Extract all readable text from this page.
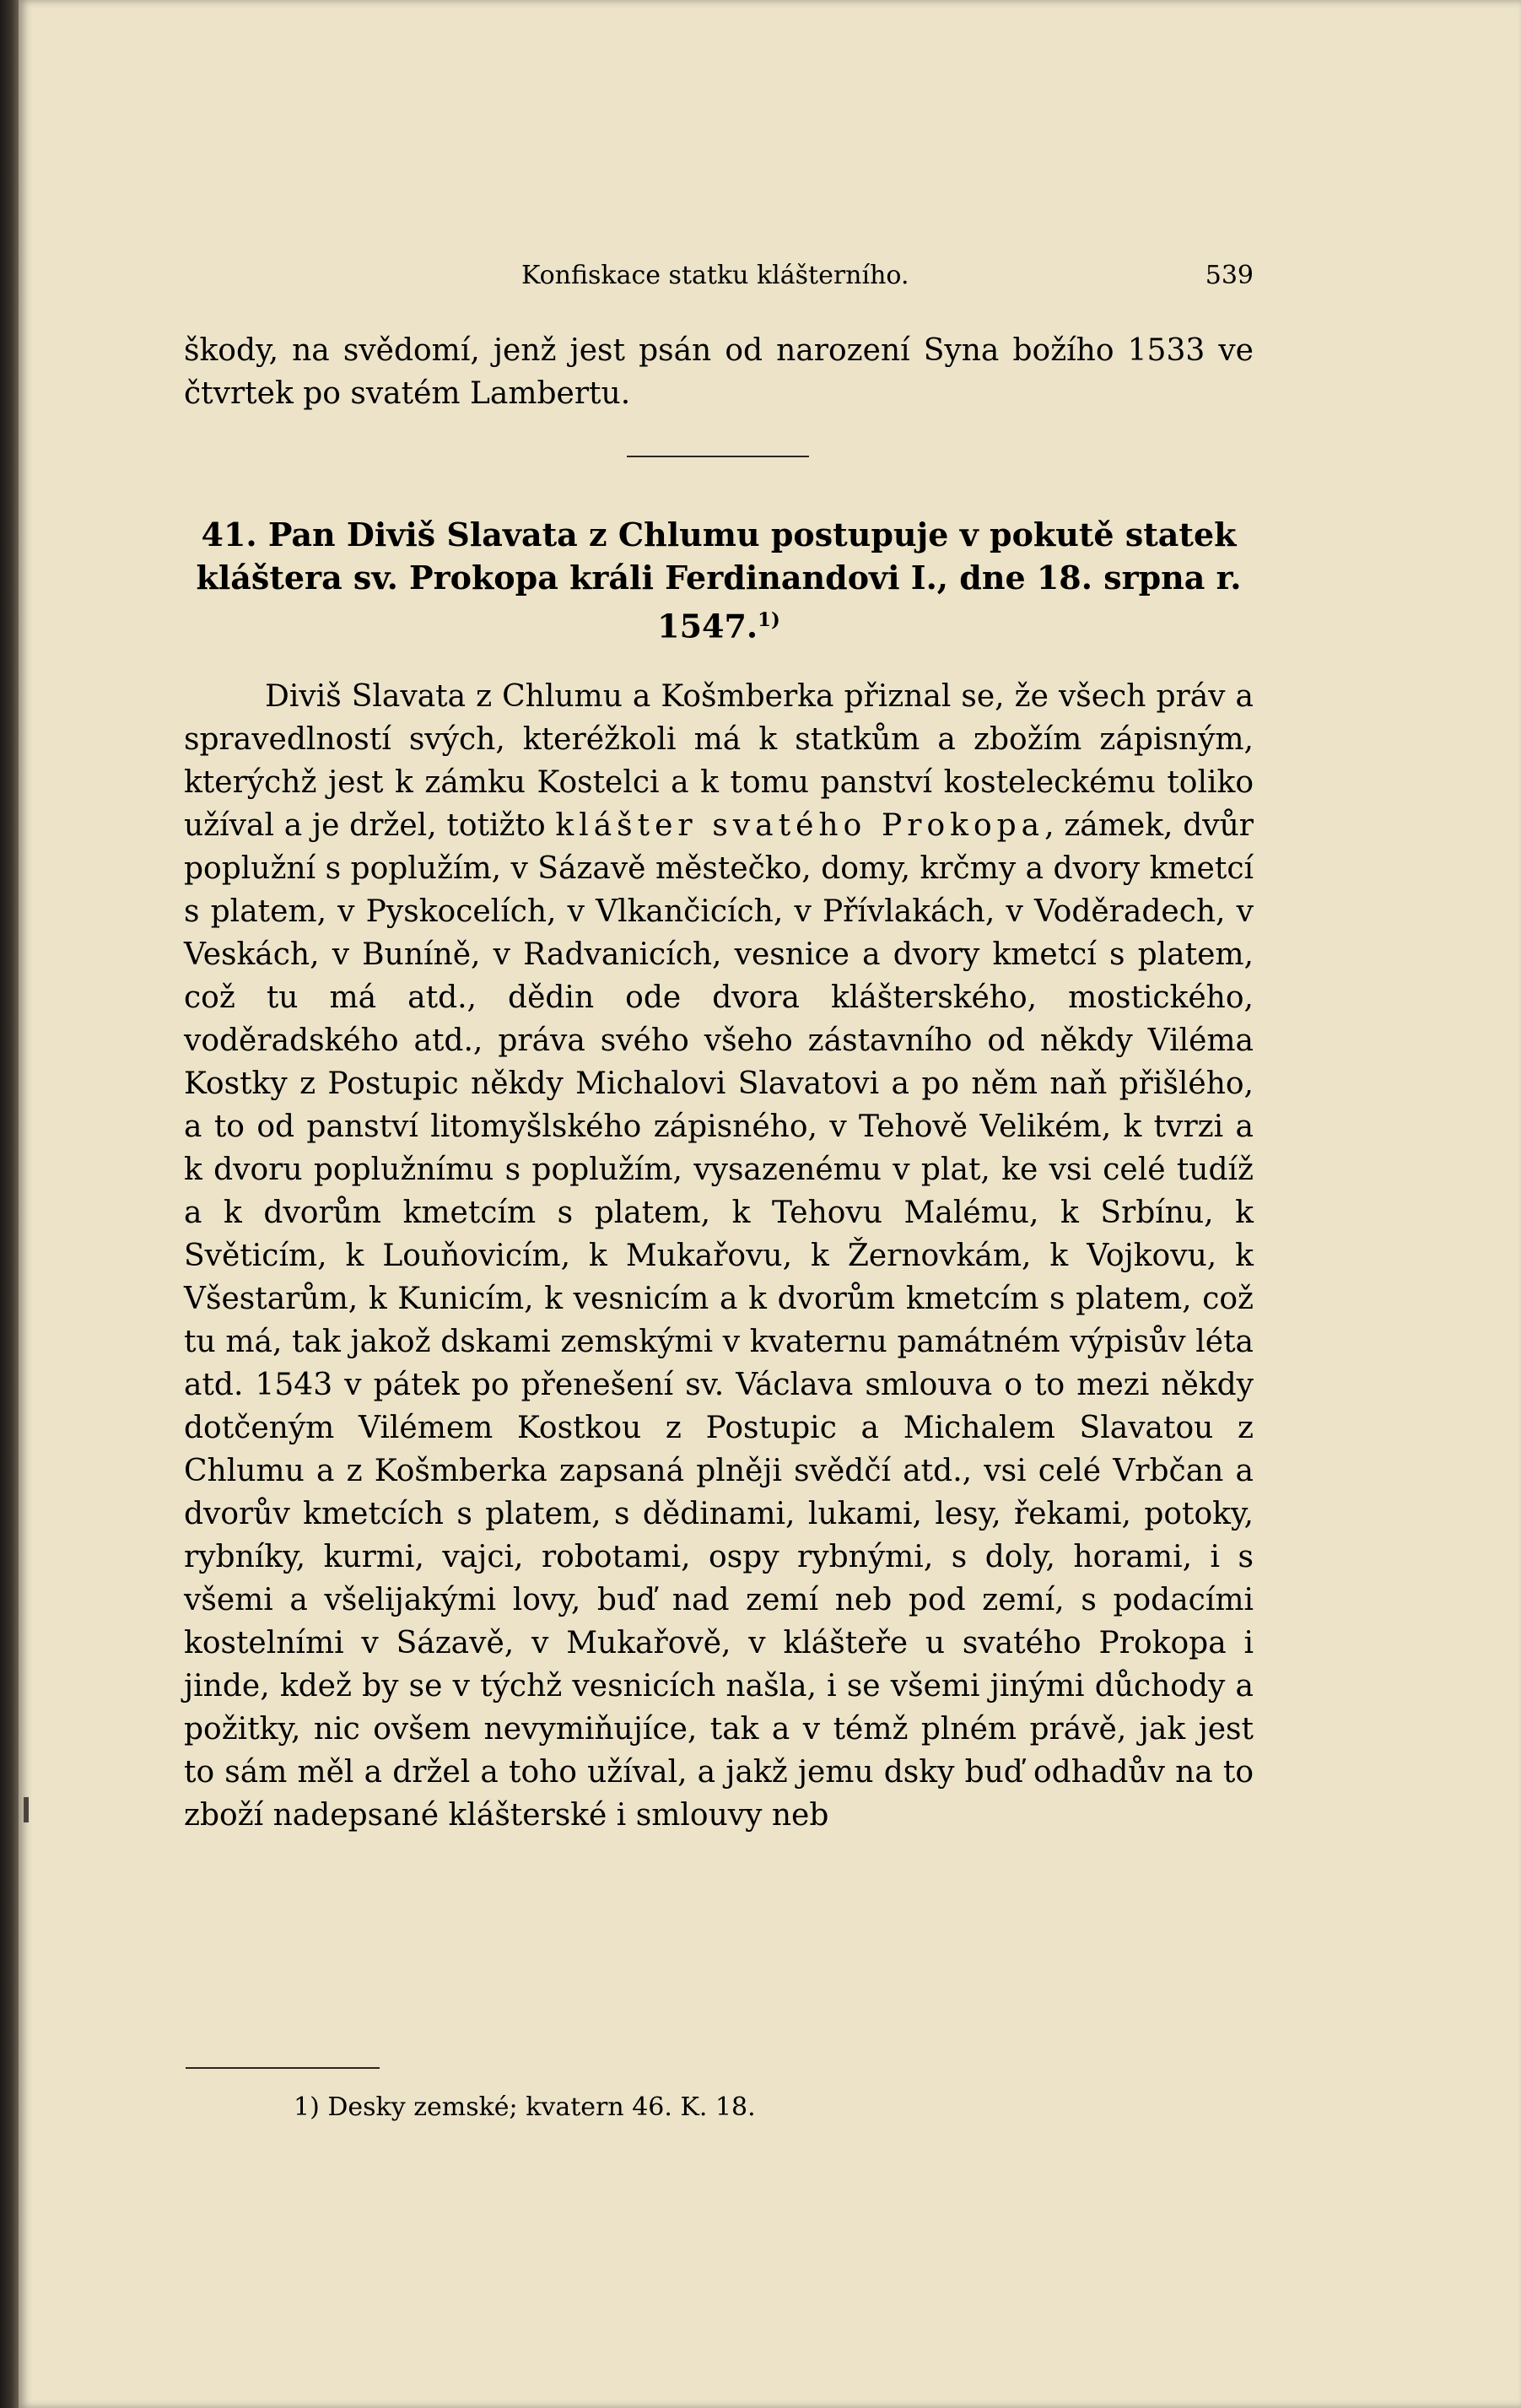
Konfiskace statku klášterního.	539

škody, na svědomí, jenž jest psán od narození Syna božího 1533 ve čtvrtek po svatém Lambertu.

41. Pan Diviš Slavata z Chlumu postupuje v pokutě statek kláštera sv. Prokopa králi Ferdinandovi I., dne 18. srpna r. 1547.$^{1)}$

Diviš Slavata z Chlumu a Košmberka přiznal se, že všech práv a spravedlností svých, kteréžkoli má k statkům a zbožím zápisným, kterýchž jest k zámku Kostelci a k tomu panství kosteleckému toliko užíval a je držel, totižto klášter svatého Prokopa, zámek, dvůr poplužní s poplužím, v Sázavě městečko, domy, krčmy a dvory kmetcí s platem, v Pyskocelích, v Vlkančicích, v Přívlakách, v Voděradech, v Veskách, v Buníně, v Radvanicích, vesnice a dvory kmetcí s platem, což tu má atd., dědin ode dvora klášterského, mostického, voděradského atd., práva svého všeho zástavního od někdy Viléma Kostky z Postupic někdy Michalovi Slavatovi a po něm naň přišlého, a to od panství litomyšlského zápisného, v Tehově Velikém, k tvrzi a k dvoru poplužnímu s poplužím, vysazenému v plat, ke vsi celé tudíž a k dvorům kmetcím s platem, k Tehovu Malému, k Srbínu, k Světicím, k Louňovicím, k Mukařovu, k Žernovkám, k Vojkovu, k Všestarům, k Kunicím, k vesnicím a k dvorům kmetcím s platem, což tu má, tak jakož dskami zemskými v kvaternu památném výpisův léta atd. 1543 v pátek po přenešení sv. Václava smlouva o to mezi někdy dotčeným Vilémem Kostkou z Postupic a Michalem Slavatou z Chlumu a z Košmberka zapsaná plněji svědčí atd., vsi celé Vrbčan a dvorův kmetcích s platem, s dědinami, lukami, lesy, řekami, potoky, rybníky, kurmi, vajci, robotami, ospy rybnými, s doly, horami, i s všemi a všelijakými lovy, buď nad zemí neb pod zemí, s podacími kostelními v Sázavě, v Mukařově, v klášteře u svatého Prokopa i jinde, kdež by se v týchž vesnicích našla, i se všemi jinými důchody a požitky, nic ovšem nevymiňujíce, tak a v témž plném právě, jak jest to sám měl a držel a toho užíval, a jakž jemu dsky buď odhadův na to zboží nadepsané klášterské i smlouvy neb

1) Desky zemské; kvatern 46. K. 18.
